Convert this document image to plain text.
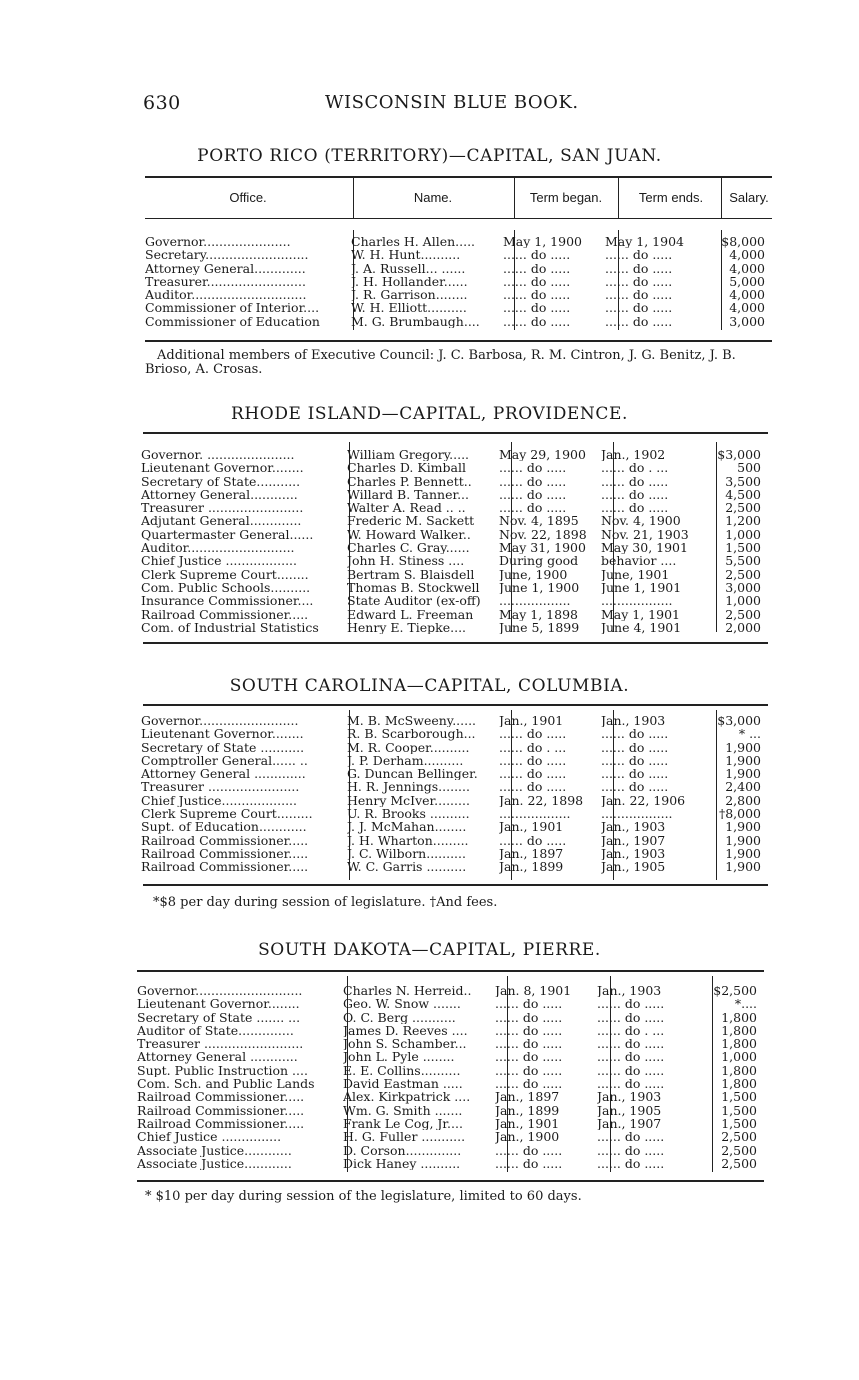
630	WISCONSIN BLUE BOOK.
PORTO RICO (TERRITORY)—CAPITAL, SAN JUAN.
Office.	Name.	Term began.	Term ends.	Salary.
Governor......................	Charles H. Allen.....	May 1, 1900	May 1, 1904	$8,000
Secretary..........................	W. H. Hunt..........	...... do .....	...... do .....	4,000
Attorney General.............	J. A. Russell... ......	...... do .....	...... do .....	4,000
Treasurer.........................	J. H. Hollander......	...... do .....	...... do .....	5,000
Auditor.............................	J. R. Garrison........	...... do .....	...... do .....	4,000
Commissioner of Interior....	W. H. Elliott..........	...... do .....	...... do .....	4,000
Commissioner of Education	M. G. Brumbaugh....	...... do .....	...... do .....	3,000
Additional members of Executive Council: J. C. Barbosa, R. M. Cintron, J. G. Benitz, J. B. Brioso, A. Crosas.
RHODE ISLAND—CAPITAL, PROVIDENCE.
Governor. ......................	William Gregory.....	May 29, 1900	Jan., 1902	$3,000
Lieutenant Governor........	Charles D. Kimball	...... do .....	...... do . ...	500
Secretary of State...........	Charles P. Bennett..	...... do .....	...... do .....	3,500
Attorney General............	Willard B. Tanner...	...... do .....	...... do .....	4,500
Treasurer ........................	Walter A. Read .. ..	...... do .....	...... do .....	2,500
Adjutant General.............	Frederic M. Sackett	Nov. 4, 1895	Nov. 4, 1900	1,200
Quartermaster General......	W. Howard Walker..	Nov. 22, 1898	Nov. 21, 1903	1,000
Auditor...........................	Charles C. Gray......	May 31, 1900	May 30, 1901	1,500
Chief Justice ..................	John H. Stiness ....	During good	behavior ....	5,500
Clerk Supreme Court........	Bertram S. Blaisdell	June, 1900	June, 1901	2,500
Com. Public Schools..........	Thomas B. Stockwell	June 1, 1900	June 1, 1901	3,000
Insurance Commissioner....	State Auditor (ex-off)	..................	..................	1,000
Railroad Commissioner.....	Edward L. Freeman	May 1, 1898	May 1, 1901	2,500
Com. of Industrial Statistics	Henry E. Tiepke....	June 5, 1899	June 4, 1901	2,000
SOUTH CAROLINA—CAPITAL, COLUMBIA.
Governor.........................	M. B. McSweeny......	Jan., 1901	Jan., 1903	$3,000
Lieutenant Governor........	R. B. Scarborough...	...... do .....	...... do .....	* ...
Secretary of State ...........	M. R. Cooper..........	...... do . ...	...... do .....	1,900
Comptroller General...... ..	J. P. Derham..........	...... do .....	...... do .....	1,900
Attorney General .............	G. Duncan Bellinger.	...... do .....	...... do .....	1,900
Treasurer .......................	H. R. Jennings........	...... do .....	...... do .....	2,400
Chief Justice...................	Henry McIver.........	Jan. 22, 1898	Jan. 22, 1906	2,800
Clerk Supreme Court.........	U. R. Brooks ..........	..................	..................	†8,000
Supt. of Education............	J. J. McMahan........	Jan., 1901	Jan., 1903	1,900
Railroad Commissioner.....	J. H. Wharton.........	...... do .....	Jan., 1907	1,900
Railroad Commissioner.....	J. C. Wilborn..........	Jan., 1897	Jan., 1903	1,900
Railroad Commissioner.....	W. C. Garris ..........	Jan., 1899	Jan., 1905	1,900
*$8 per day during session of legislature. †And fees.
SOUTH DAKOTA—CAPITAL, PIERRE.
Governor...........................	Charles N. Herreid..	Jan. 8, 1901	Jan., 1903	$2,500
Lieutenant Governor........	Geo. W. Snow .......	...... do .....	...... do .....	*....
Secretary of State ....... ...	O. C. Berg ...........	...... do .....	...... do .....	1,800
Auditor of State..............	James D. Reeves ....	...... do .....	...... do . ...	1,800
Treasurer .........................	John S. Schamber...	...... do .....	...... do .....	1,800
Attorney General ............	John L. Pyle ........	...... do .....	...... do .....	1,000
Supt. Public Instruction ....	E. E. Collins..........	...... do .....	...... do .....	1,800
Com. Sch. and Public Lands	David Eastman .....	...... do .....	...... do .....	1,800
Railroad Commissioner.....	Alex. Kirkpatrick ....	Jan., 1897	Jan., 1903	1,500
Railroad Commissioner.....	Wm. G. Smith .......	Jan., 1899	Jan., 1905	1,500
Railroad Commissioner.....	Frank Le Cog, Jr....	Jan., 1901	Jan., 1907	1,500
Chief Justice ...............	H. G. Fuller ...........	Jan., 1900	...... do .....	2,500
Associate Justice............	D. Corson..............	...... do .....	...... do .....	2,500
Associate Justice............	Dick Haney ..........	...... do .....	...... do .....	2,500
* $10 per day during session of the legislature, limited to 60 days.
